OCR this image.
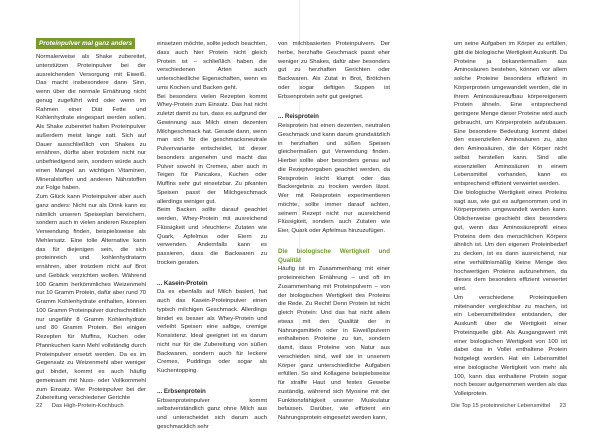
Proteinpulver mal ganz anders

Normalerweise als Shake zubereitet, unterstützen Proteinpulver bei der ausreichenden Versorgung mit Eiweiß. Das macht insbesondere dann Sinn, wenn über die normale Ernährung nicht genug zugeführt wird oder wenn im Rahmen einer Diät Fette und Kohlenhydrate eingespart werden sollen. Als Shake zubereitet halten Proteinpulver außerdem meist lange satt. Sich auf Dauer ausschließlich von Shakes zu ernähren, dürfte aber trotzdem nicht nur unbefriedigend sein, sondern würde auch einen Mangel an wichtigen Vitaminen, Mineralstoffen und anderen Nährstoffen zur Folge haben.

Zum Glück kann Proteinpulver aber auch ganz anders: Nicht nur als Drink kann es nämlich unseren Speiseplan bereichern, sondern auch in vielen anderen Rezepten Verwendung finden, beispielsweise als Mehlersatz. Eine tolle Alternative kann das für diejenigen sein, die sich proteinreich und kohlenhydratarm ernähren, aber trotzdem nicht auf Brot und Gebäck verzichten wollen. Während 100 Gramm herkömmliches Weizenmehl nur 10 Gramm Protein, dafür aber rund 70 Gramm Kohlenhydrate enthalten, können 100 Gramm Proteinpulver durchschnittlich nur ungefähr 8 Gramm Kohlenhydrate und 80 Gramm Protein. Bei einigen Rezepten für Muffins, Kuchen oder Pfannkuchen kann Mehl vollständig durch Proteinpulver ersetzt werden. Da es im Gegensatz zu Weizenmehl aber weniger gut bindet, kommt es auch häufig gemeinsam mit Nuss- oder Vollkornmehl zum Einsatz. Wer Proteinpulver bei der Zubereitung verschiedener Gerichte

einsetzen möchte, sollte jedoch beachten, dass auch hier Protein nicht gleich Protein ist – schließlich haben die verschiedenen Arten auch unterschiedliche Eigenschaften, wenn es ums Kochen und Backen geht.

Bei besonders vielen Rezepten kommt Whey-Protein zum Einsatz. Das hat nicht zuletzt damit zu tun, dass es aufgrund der Gewinnung aus Milch einen dezenten Milchgeschmack hat. Gerade dann, wenn man sich für die geschmacksneutrale Pulvervariante entscheidet, ist dieser besonders angenehm und macht das Pulver sowohl in Cremes, aber auch in Teigen für Pancakes, Kuchen oder Muffins sehr gut einsetzbar. Zu pikanten Speisen passt der Milchgeschmack allerdings weniger gut.

Beim Backen sollte darauf geachtet werden, Whey-Protein mit ausreichend Flüssigkeit und »feuchten« Zutaten wie Quark, Apfelmus oder Eiern zu verwenden. Andernfalls kann es passieren, dass die Backwaren zu trocken geraten.

... Kasein-Protein

Da es ebenfalls auf Milch basiert, hat auch das Kasein-Proteinpulver einen typisch milchigen Geschmack. Allerdings bindet es besser als Whey-Protein und verleiht Speisen eine saftige, cremige Konsistenz. Ideal geeignet ist es darum nicht nur für die Zubereitung von süßen Backwaren, sondern auch für leckere Cremes, Puddings oder sogar als Kuchentopping.

... Erbsenprotein

Erbsenproteinpulver kommt selbstverständlich ganz ohne Milch aus und unterscheidet sich darum auch geschmacklich sehr

von milchbasierten Proteinpulvern. Der herbe, herzhafte Geschmack passt eher weniger zu Shakes, dafür aber besonders gut zu herzhaften Gerichten oder Backwaren. Als Zutat in Brot, Brötchen oder sogar deftigen Suppen ist Erbsenprotein sehr gut geeignet.

... Reisprotein

Reisprotein hat einen dezenten, neutralen Geschmack und kann darum grundsätzlich in herzhaften und süßen Speisen gleichermaßen gut Verwendung finden. Hierbei sollte aber besonders genau auf die Rezeptvorgaben geachtet werden, da Reisprotein leicht klumpt oder das Backergebnis zu trocken werden lässt. Wer mit Reisprotein experimentieren möchte, sollte immer darauf achten, seinem Rezept nicht nur ausreichend Flüssigkeit, sondern auch Zutaten wie Eier, Quark oder Apfelmus hinzuzufügen.

Die biologische Wertigkeit und Qualität

Häufig ist im Zusammenhang mit einer proteinreichen Ernährung – und oft im Zusammenhang mit Proteinpulvern – von der biologischen Wertigkeit des Proteins die Rede. Zu Recht! Denn Protein ist nicht gleich Protein: Und das hat nicht allein etwas mit den Qualität der in Nahrungsmitteln oder in Eiweißpulvern enthaltenen Proteine zu tun, sondern damit, dass Proteine von Natur aus verschieden sind, weil sie in unserem Körper ganz unterschiedliche Aufgaben erfüllen. So sind Kollagene beispielsweise für straffe Haut und festes Gewebe zuständig, während sich Myosine mit der Funktionsfähigkeit unserer Muskulatur befassen. Darüber, wie effizient ein Nahrungsprotein eingesetzt werden kann,

um seine Aufgaben im Körper zu erfüllen, gibt die biologische Wertigkeit Auskunft. Da Proteine ja bekanntermaßen aus Aminosäuren bestehen, können vor allem solche Proteine besonders effizient in Körperprotein umgewandelt werden, die in ihrem Aminosäureaufbau körpereigenem Protein ähneln. Eine entsprechend geringere Menge dieser Proteine wird auch gebraucht, um Körperprotein aufzubauen. Eine besondere Bedeutung kommt dabei den essenziellen Aminosäuren zu, also den Aminosäuren, die der Körper nicht selbst herstellen kann. Sind alle essenziellen Aminosäuren in einem Lebensmittel vorhanden, kann es entsprechend effizient verwertet werden.

Die biologische Wertigkeit eines Proteins sagt aus, wie gut es aufgenommen und in Körperprotein umgewandelt werden kann. Üblicherweise geschieht dies besonders gut, wenn das Aminosäureprofil eines Proteins dem des menschlichen Körpers ähnlich ist. Um den eigenen Proteinbedarf zu decken, ist es dann ausreichend, nur eine verhältnismäßig kleine Menge des hochwertigen Proteins aufzunehmen, da dieses dem besonders effizient verwertet wird.

Um verschiedene Proteinquellen miteinander vergleichbar zu machen, ist ein Lebensmittelindex entstanden, der Auskunft über die Wertigkeit einer Proteinquelle gibt. Als Ausgangswert mit einer biologischen Wertigkeit von 100 ist dabei das in Vollei enthaltene Protein festgelegt worden. Hat ein Lebensmittel eine biologische Wertigkeit von mehr als 100, kann das enthaltene Protein sogar noch besser aufgenommen werden als das Volleiprotein.

22 Das High-Protein-Kochbuch	Die Top 15 proteinreicher Lebensmittel 23
